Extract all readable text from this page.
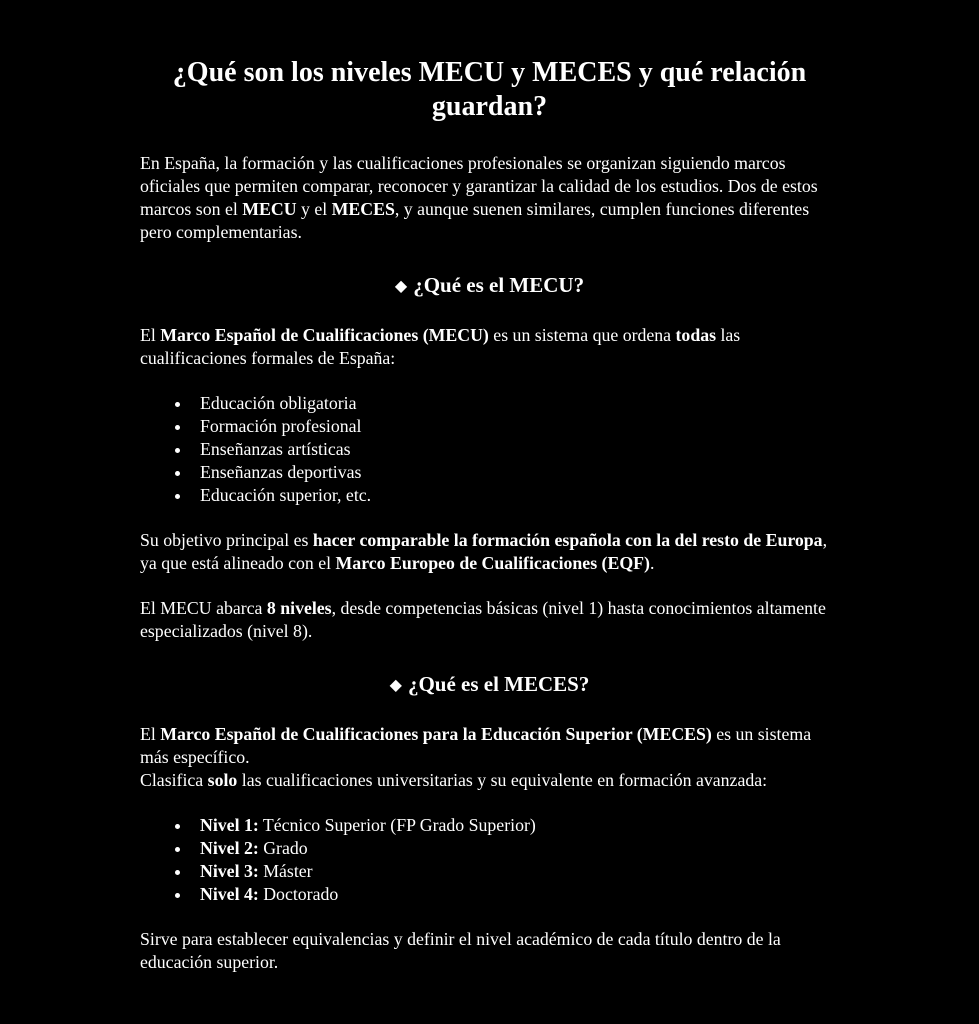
¿Qué son los niveles MECU y MECES y qué relación guardan?

En España, la formación y las cualificaciones profesionales se organizan siguiendo marcos oficiales que permiten comparar, reconocer y garantizar la calidad de los estudios. Dos de estos marcos son el MECU y el MECES, y aunque suenen similares, cumplen funciones diferentes pero complementarias.

◆ ¿Qué es el MECU?

El Marco Español de Cualificaciones (MECU) es un sistema que ordena todas las cualificaciones formales de España:

Educación obligatoria
Formación profesional
Enseñanzas artísticas
Enseñanzas deportivas
Educación superior, etc.

Su objetivo principal es hacer comparable la formación española con la del resto de Europa, ya que está alineado con el Marco Europeo de Cualificaciones (EQF).

El MECU abarca 8 niveles, desde competencias básicas (nivel 1) hasta conocimientos altamente especializados (nivel 8).

◆ ¿Qué es el MECES?

El Marco Español de Cualificaciones para la Educación Superior (MECES) es un sistema más específico.

Clasifica solo las cualificaciones universitarias y su equivalente en formación avanzada:

Nivel 1: Técnico Superior (FP Grado Superior)
Nivel 2: Grado
Nivel 3: Máster
Nivel 4: Doctorado

Sirve para establecer equivalencias y definir el nivel académico de cada título dentro de la educación superior.
